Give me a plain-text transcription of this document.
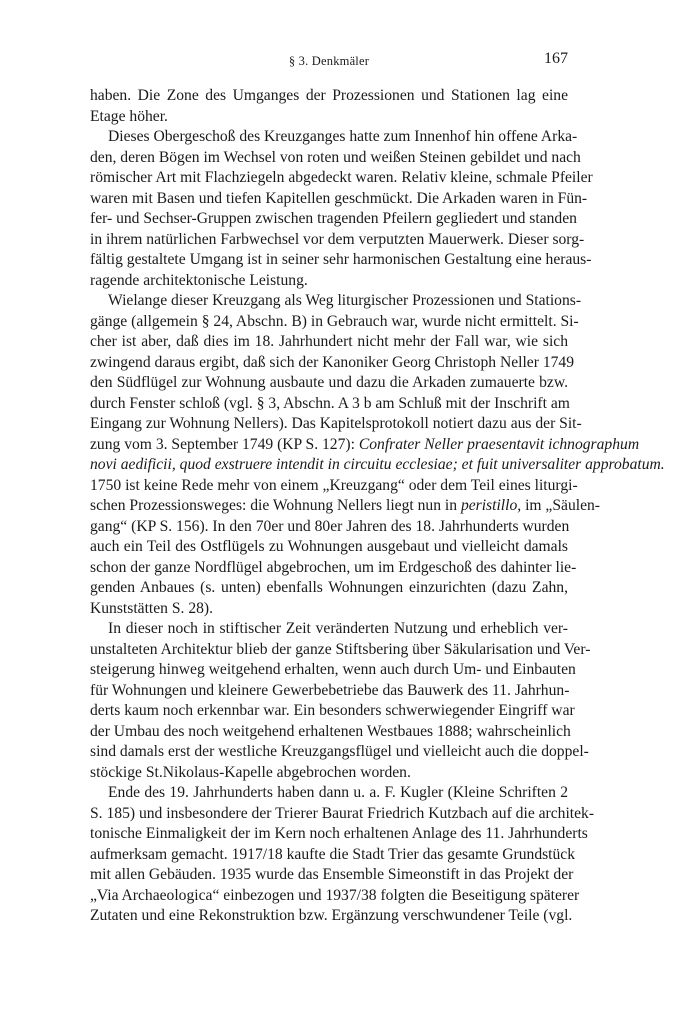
§ 3. Denkmäler	167
haben. Die Zone des Umganges der Prozessionen und Stationen lag eine
Etage höher.
Dieses Obergeschoß des Kreuzganges hatte zum Innenhof hin offene Arka-
den, deren Bögen im Wechsel von roten und weißen Steinen gebildet und nach
römischer Art mit Flachziegeln abgedeckt waren. Relativ kleine, schmale Pfeiler
waren mit Basen und tiefen Kapitellen geschmückt. Die Arkaden waren in Fün-
fer- und Sechser-Gruppen zwischen tragenden Pfeilern gegliedert und standen
in ihrem natürlichen Farbwechsel vor dem verputzten Mauerwerk. Dieser sorg-
fältig gestaltete Umgang ist in seiner sehr harmonischen Gestaltung eine heraus-
ragende architektonische Leistung.
Wielange dieser Kreuzgang als Weg liturgischer Prozessionen und Stations-
gänge (allgemein § 24, Abschn. B) in Gebrauch war, wurde nicht ermittelt. Si-
cher ist aber, daß dies im 18. Jahrhundert nicht mehr der Fall war, wie sich
zwingend daraus ergibt, daß sich der Kanoniker Georg Christoph Neller 1749
den Südflügel zur Wohnung ausbaute und dazu die Arkaden zumauerte bzw.
durch Fenster schloß (vgl. § 3, Abschn. A 3 b am Schluß mit der Inschrift am
Eingang zur Wohnung Nellers). Das Kapitelsprotokoll notiert dazu aus der Sit-
zung vom 3. September 1749 (KP S. 127): Confrater Neller praesentavit ichnographum
novi aedificii, quod exstruere intendit in circuitu ecclesiae; et fuit universaliter approbatum.
1750 ist keine Rede mehr von einem „Kreuzgang“ oder dem Teil eines liturgi-
schen Prozessionsweges: die Wohnung Nellers liegt nun in peristillo, im „Säulen-
gang“ (KP S. 156). In den 70er und 80er Jahren des 18. Jahrhunderts wurden
auch ein Teil des Ostflügels zu Wohnungen ausgebaut und vielleicht damals
schon der ganze Nordflügel abgebrochen, um im Erdgeschoß des dahinter lie-
genden Anbaues (s. unten) ebenfalls Wohnungen einzurichten (dazu Zahn,
Kunststätten S. 28).
In dieser noch in stiftischer Zeit veränderten Nutzung und erheblich ver-
unstalteten Architektur blieb der ganze Stiftsbering über Säkularisation und Ver-
steigerung hinweg weitgehend erhalten, wenn auch durch Um- und Einbauten
für Wohnungen und kleinere Gewerbebetriebe das Bauwerk des 11. Jahrhun-
derts kaum noch erkennbar war. Ein besonders schwerwiegender Eingriff war
der Umbau des noch weitgehend erhaltenen Westbaues 1888; wahrscheinlich
sind damals erst der westliche Kreuzgangsflügel und vielleicht auch die doppel-
stöckige St.Nikolaus-Kapelle abgebrochen worden.
Ende des 19. Jahrhunderts haben dann u. a. F. Kugler (Kleine Schriften 2
S. 185) und insbesondere der Trierer Baurat Friedrich Kutzbach auf die architek-
tonische Einmaligkeit der im Kern noch erhaltenen Anlage des 11. Jahrhunderts
aufmerksam gemacht. 1917/18 kaufte die Stadt Trier das gesamte Grundstück
mit allen Gebäuden. 1935 wurde das Ensemble Simeonstift in das Projekt der
„Via Archaeologica“ einbezogen und 1937/38 folgten die Beseitigung späterer
Zutaten und eine Rekonstruktion bzw. Ergänzung verschwundener Teile (vgl.
